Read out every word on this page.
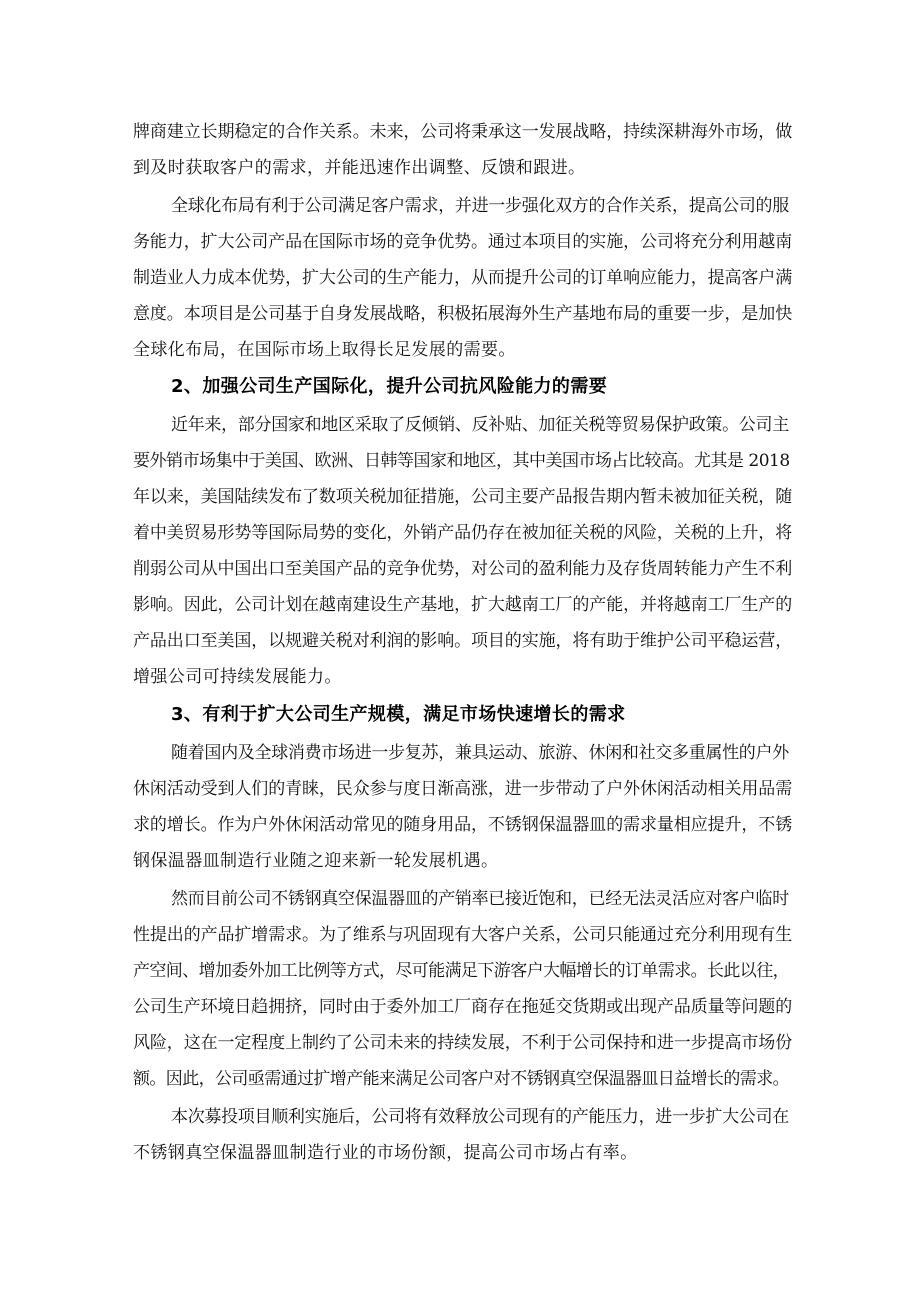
牌商建立长期稳定的合作关系。未来，公司将秉承这一发展战略，持续深耕海外市场，做
到及时获取客户的需求，并能迅速作出调整、反馈和跟进。
全球化布局有利于公司满足客户需求，并进一步强化双方的合作关系，提高公司的服
务能力，扩大公司产品在国际市场的竞争优势。通过本项目的实施，公司将充分利用越南
制造业人力成本优势，扩大公司的生产能力，从而提升公司的订单响应能力，提高客户满
意度。本项目是公司基于自身发展战略，积极拓展海外生产基地布局的重要一步，是加快
全球化布局，在国际市场上取得长足发展的需要。
2、加强公司生产国际化，提升公司抗风险能力的需要
近年来，部分国家和地区采取了反倾销、反补贴、加征关税等贸易保护政策。公司主
要外销市场集中于美国、欧洲、日韩等国家和地区，其中美国市场占比较高。尤其是 2018
年以来，美国陆续发布了数项关税加征措施，公司主要产品报告期内暂未被加征关税，随
着中美贸易形势等国际局势的变化，外销产品仍存在被加征关税的风险，关税的上升，将
削弱公司从中国出口至美国产品的竞争优势，对公司的盈利能力及存货周转能力产生不利
影响。因此，公司计划在越南建设生产基地，扩大越南工厂的产能，并将越南工厂生产的
产品出口至美国，以规避关税对利润的影响。项目的实施，将有助于维护公司平稳运营，
增强公司可持续发展能力。
3、有利于扩大公司生产规模，满足市场快速增长的需求
随着国内及全球消费市场进一步复苏，兼具运动、旅游、休闲和社交多重属性的户外
休闲活动受到人们的青睐，民众参与度日渐高涨，进一步带动了户外休闲活动相关用品需
求的增长。作为户外休闲活动常见的随身用品，不锈钢保温器皿的需求量相应提升，不锈
钢保温器皿制造行业随之迎来新一轮发展机遇。
然而目前公司不锈钢真空保温器皿的产销率已接近饱和，已经无法灵活应对客户临时
性提出的产品扩增需求。为了维系与巩固现有大客户关系，公司只能通过充分利用现有生
产空间、增加委外加工比例等方式，尽可能满足下游客户大幅增长的订单需求。长此以往，
公司生产环境日趋拥挤，同时由于委外加工厂商存在拖延交货期或出现产品质量等问题的
风险，这在一定程度上制约了公司未来的持续发展，不利于公司保持和进一步提高市场份
额。因此，公司亟需通过扩增产能来满足公司客户对不锈钢真空保温器皿日益增长的需求。
本次募投项目顺利实施后，公司将有效释放公司现有的产能压力，进一步扩大公司在
不锈钢真空保温器皿制造行业的市场份额，提高公司市场占有率。
